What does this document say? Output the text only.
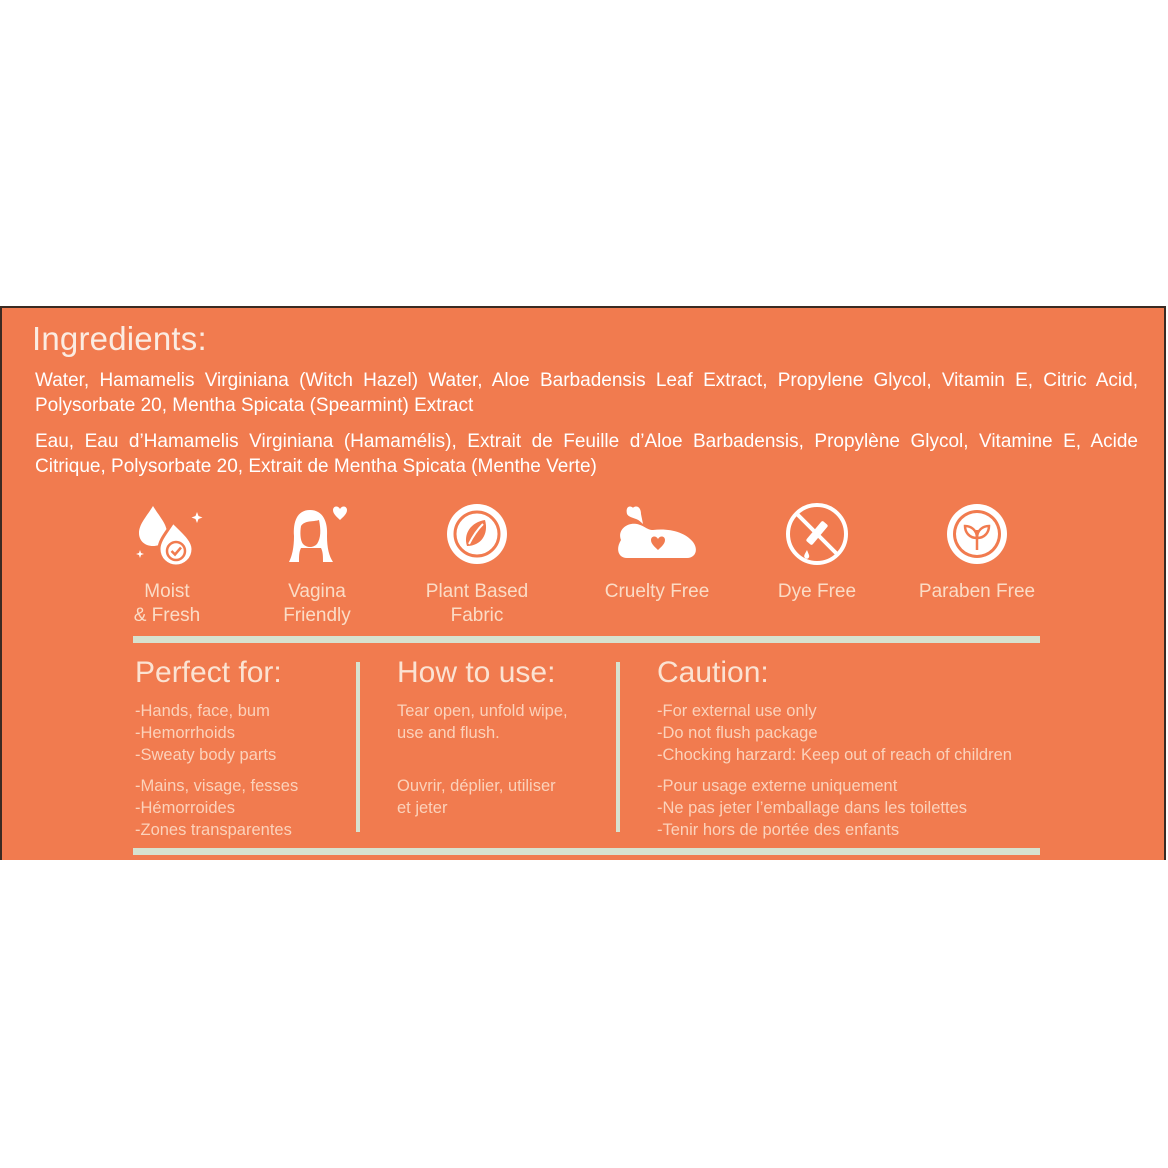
Ingredients:

Water, Hamamelis Virginiana (Witch Hazel) Water, Aloe Barbadensis Leaf Extract, Propylene Glycol, Vitamin E, Citric Acid, Polysorbate 20, Mentha Spicata (Spearmint) Extract

Eau, Eau d’Hamamelis Virginiana (Hamamélis), Extrait de Feuille d’Aloe Barbadensis, Propylène Glycol, Vitamine E, Acide Citrique, Polysorbate 20, Extrait de Mentha Spicata (Menthe Verte)

Moist
& Fresh
Vagina
Friendly
Plant Based
Fabric
Cruelty Free	Dye Free	Paraben Free
Perfect for:
-Hands, face, bum
-Hemorrhoids
-Sweaty body parts
-Mains, visage, fesses
-Hémorroides
-Zones transparentes
How to use:
Tear open, unfold wipe,
use and flush.
Ouvrir, déplier, utiliser
et jeter
Caution:
-For external use only
-Do not flush package
-Chocking harzard: Keep out of reach of children
-Pour usage externe uniquement
-Ne pas jeter l’emballage dans les toilettes
-Tenir hors de portée des enfants
